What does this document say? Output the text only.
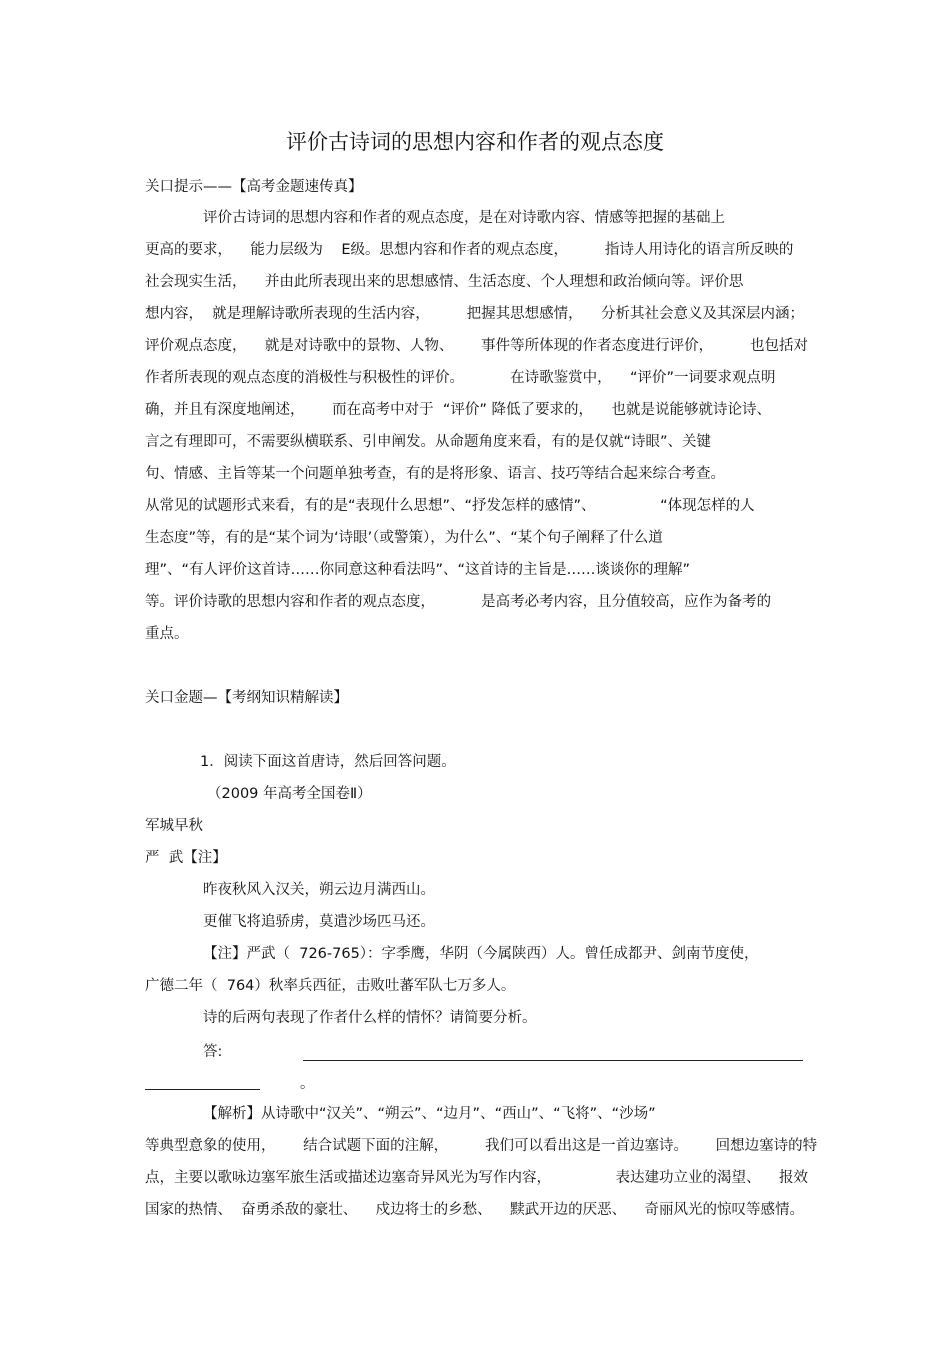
评价古诗词的思想内容和作者的观点态度
关口提示——【高考金题速传真】
评价古诗词的思想内容和作者的观点态度，是在对诗歌内容、情感等把握的基础上
更高的要求，    能力层级为    E级。思想内容和作者的观点态度，        指诗人用诗化的语言所反映的
社会现实生活，    并由此所表现出来的思想感情、生活态度、个人理想和政治倾向等。评价思
想内容，  就是理解诗歌所表现的生活内容，        把握其思想感情，    分析其社会意义及其深层内涵；
评价观点态度，    就是对诗歌中的景物、人物、      事件等所体现的作者态度进行评价，        也包括对
作者所表现的观点态度的消极性与积极性的评价。          在诗歌鉴赏中，    “评价”一词要求观点明
确，并且有深度地阐述，      而在高考中对于  “评价” 降低了要求的，    也就是说能够就诗论诗、
言之有理即可，不需要纵横联系、引申阐发。从命题角度来看，有的是仅就“诗眼”、关键
句、情感、主旨等某一个问题单独考查，有的是将形象、语言、技巧等结合起来综合考查。
从常见的试题形式来看，有的是“表现什么思想”、“抒发怎样的感情”、              “体现怎样的人
生态度”等，有的是“某个词为‘诗眼’（或警策），为什么”、“某个句子阐释了什么道
理”、“有人评价这首诗……你同意这种看法吗”、“这首诗的主旨是……谈谈你的理解”
等。评价诗歌的思想内容和作者的观点态度，          是高考必考内容，且分值较高，应作为备考的
重点。
关口金题—【考纲知识精解读】
1．阅读下面这首唐诗，然后回答问题。
（2009 年高考全国卷Ⅱ）
军城早秋
严  武【注】
昨夜秋风入汉关，朔云边月满西山。
更催飞将追骄虏，莫遣沙场匹马还。
【注】严武（  726-765）：字季鹰，华阴（今属陕西）人。曾任成都尹、剑南节度使，
广德二年（  764）秋率兵西征，击败吐蕃军队七万多人。
诗的后两句表现了作者什么样的情怀？请简要分析。
答:
。
【解析】从诗歌中“汉关”、“朔云”、“边月”、“西山”、“飞将”、“沙场”
等典型意象的使用，      结合试题下面的注解，        我们可以看出这是一首边塞诗。      回想边塞诗的特
点，主要以歌咏边塞军旅生活或描述边塞奇异风光为写作内容，              表达建功立业的渴望、    报效
国家的热情、  奋勇杀敌的豪壮、    戍边将士的乡愁、    黩武开边的厌恶、    奇丽风光的惊叹等感情。
